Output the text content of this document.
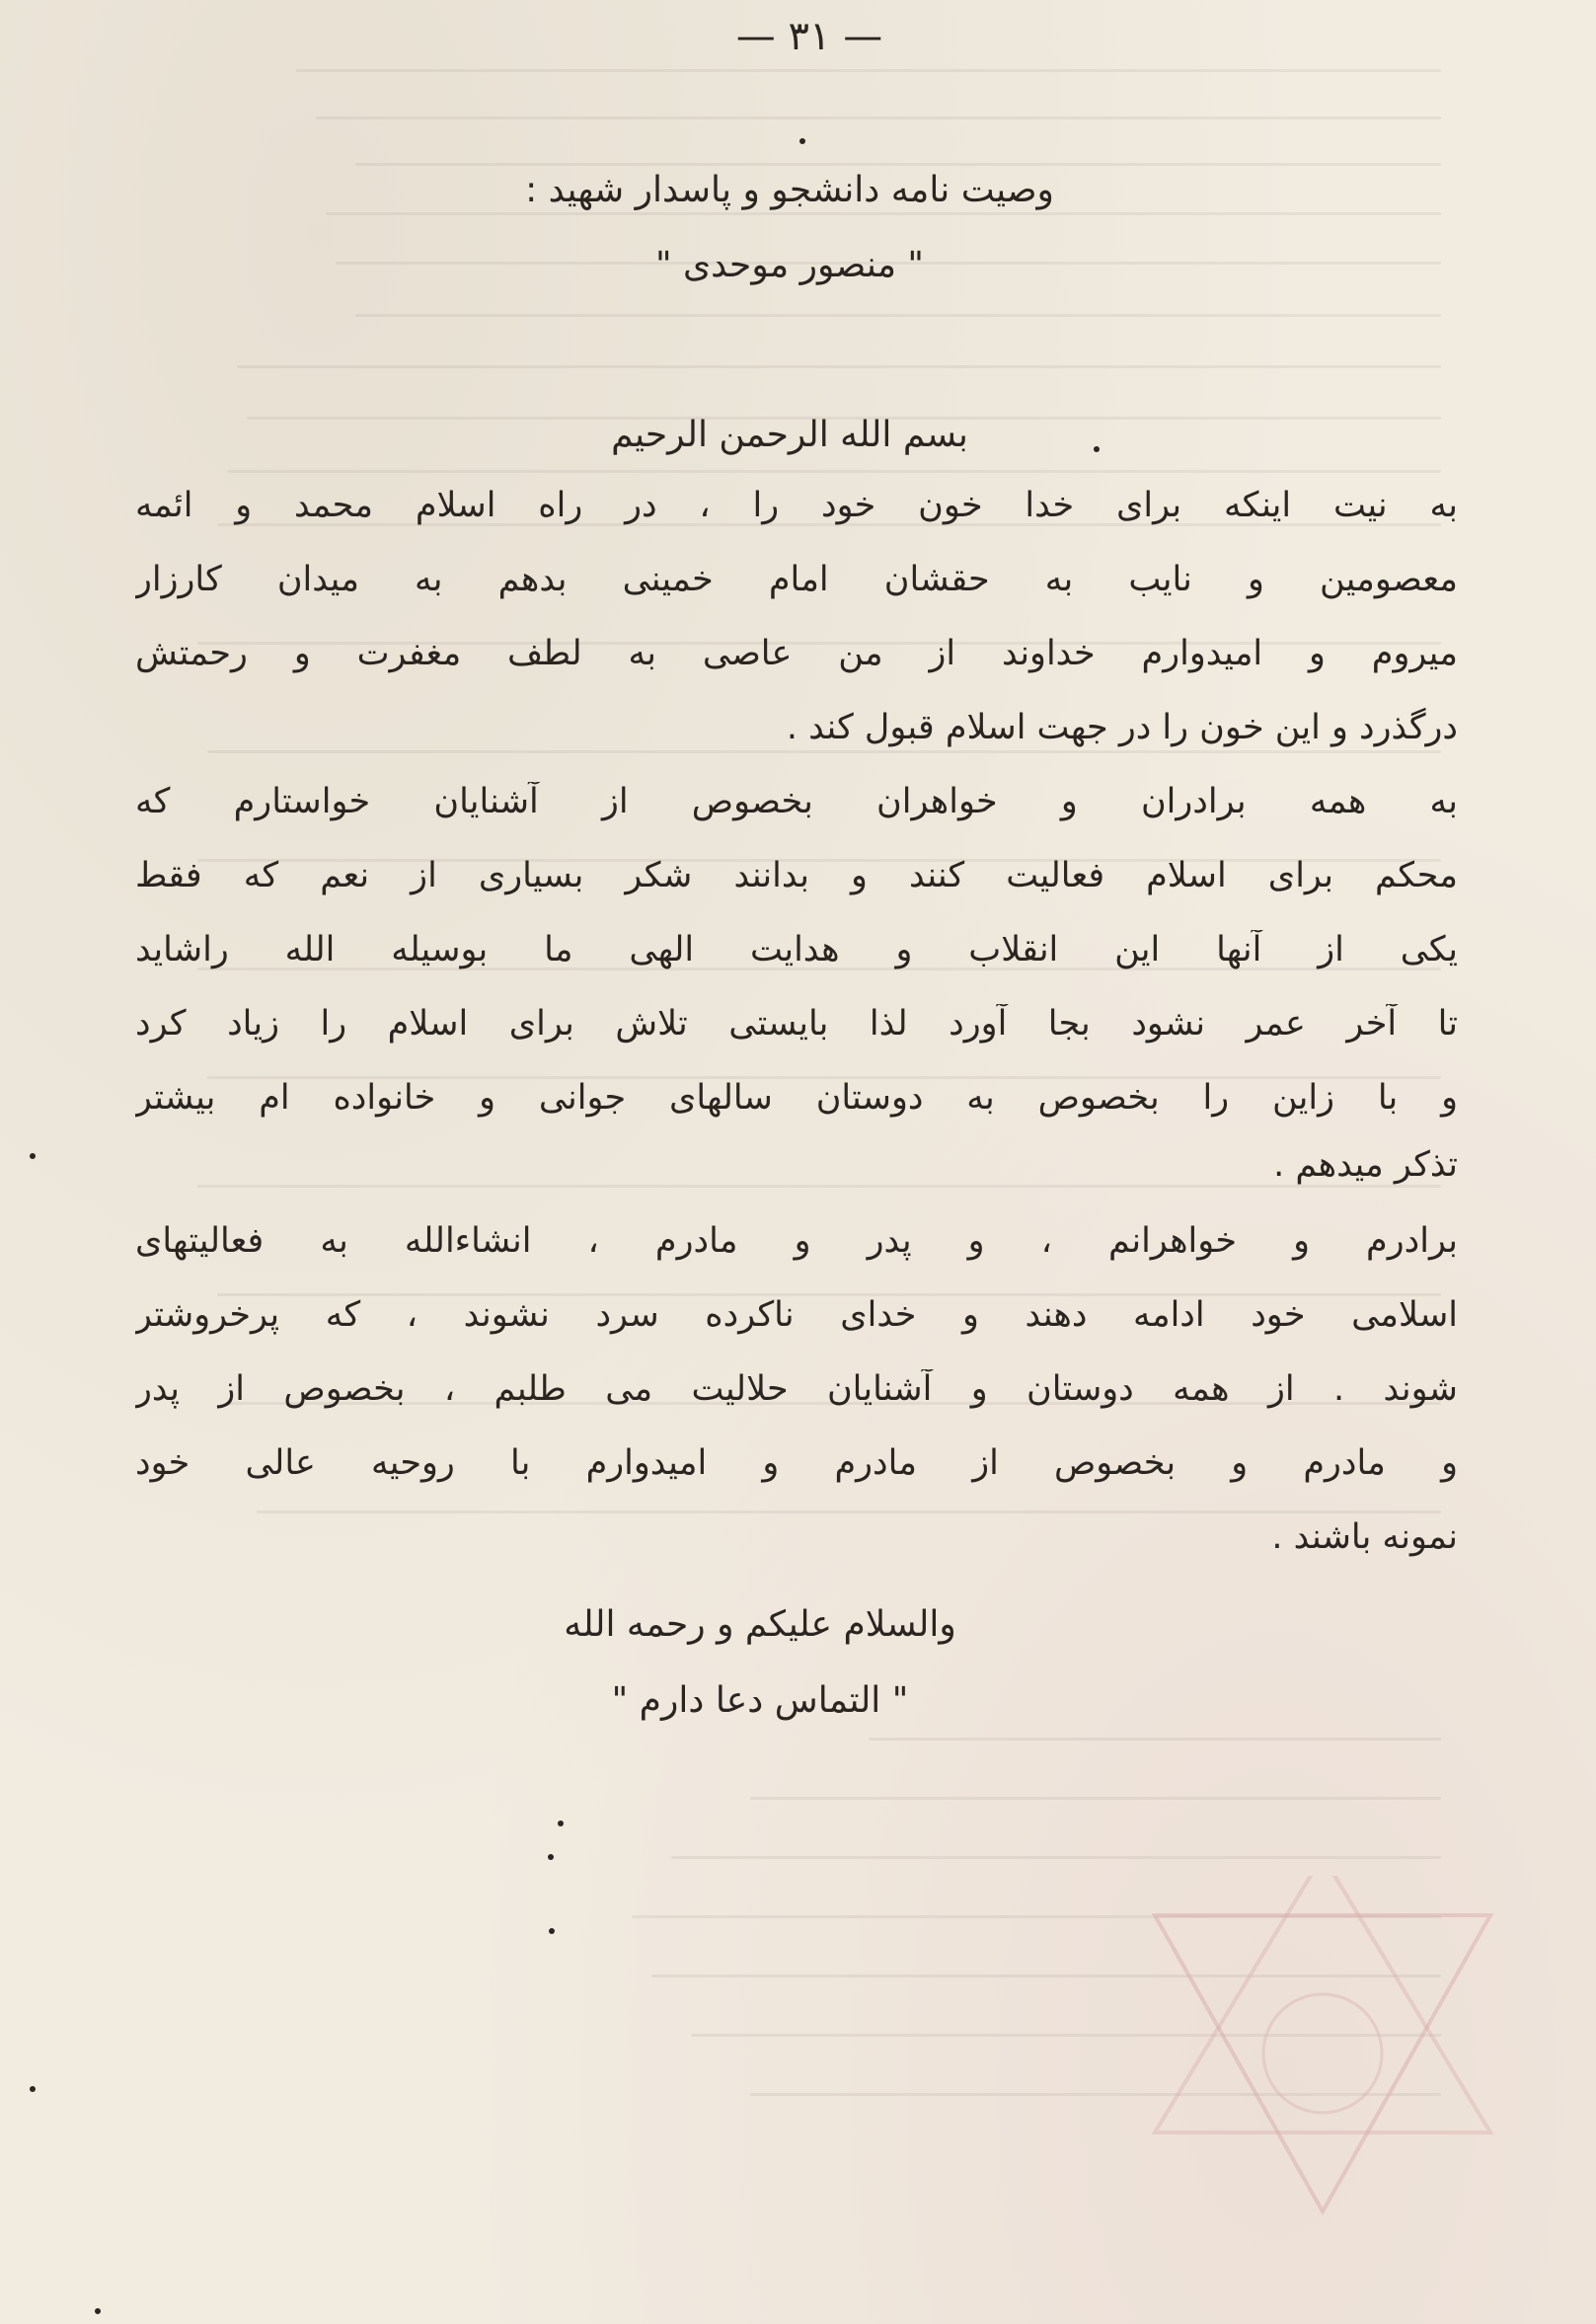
— ٣١ —
وصیت نامه دانشجو و پاسدار شهید :
" منصور موحدی "
بسم الله الرحمن الرحیم
به نیت اینکه برای خدا خون خود را ، در راه اسلام محمد و ائمه
معصومین و نایب به حقشان امام خمینی بدهم به میدان کارزار
میروم و امیدوارم خداوند از من عاصی به لطف مغفرت و رحمتش
درگذرد و این خون را در جهت اسلام قبول کند .
به همه برادران و خواهران بخصوص از آشنایان خواستارم که
محکم برای اسلام فعالیت کنند و بدانند شکر بسیاری از نعم که فقط
یکی از آنها این انقلاب و هدایت الهی ما بوسیله الله راشاید
تا آخر عمر نشود بجا آورد لذا بایستی تلاش برای اسلام را زیاد کرد
و با زاین را بخصوص به دوستان سالهای جوانی و خانواده ام بیشتر
تذکر میدهم .
برادرم و خواهرانم ، و پدر و مادرم ، انشاءالله به فعالیتهای
اسلامی خود ادامه دهند و خدای ناکرده سرد نشوند ، که پرخروشتر
شوند . از همه دوستان و آشنایان حلالیت می طلبم ، بخصوص از پدر
و مادرم و بخصوص از مادرم و امیدوارم با روحیه عالی خود
نمونه باشند .
والسلام علیکم و رحمه الله
" التماس دعا دارم "
